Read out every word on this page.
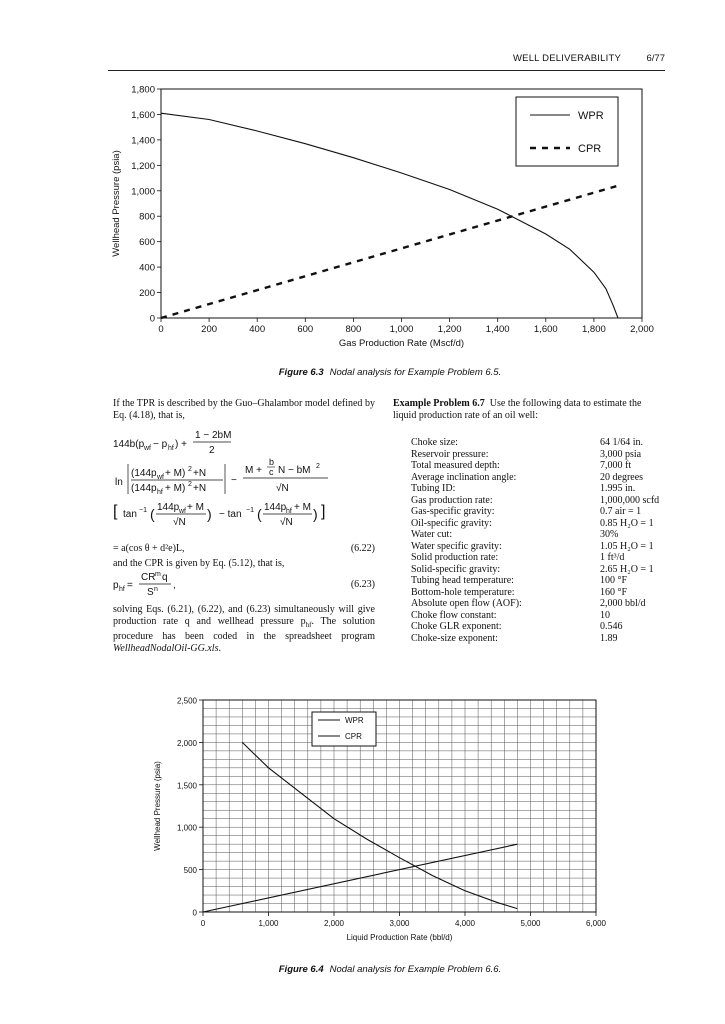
WELL DELIVERABILITY	6/77
0	200	400	600	800	1,000	1,200	1,400	1,600	1,800	2,000
0
200
400
600
800
1,000
1,200
1,400
1,600
1,800
Gas Production Rate (Mscf/d)
Wellhead Pressure (psia)
WPR
CPR
Figure 6.3 Nodal analysis for Example Problem 6.5.

If the TPR is described by the Guo–Ghalambor model defined by Eq. (4.18), that is,

144b(p wf − p hf ) +
1 − 2bM
2
ln
(144p wf + M) 2 +N
(144p hf + M) 2 +N
−
b
c
M + N − bM 2
√N
[ tan −1 ( 144p wf + M
√N
) − tan −1 ( 144p hf + M
√N
) ]
= a(cos θ + d²e)L,	(6.22)

and the CPR is given by Eq. (5.12), that is,

p hf =
CR m q
S n ,	(6.23)

solving Eqs. (6.21), (6.22), and (6.23) simultaneously will give production rate q and wellhead pressure $p_{hf}$. The solution procedure has been coded in the spreadsheet program WellheadNodalOil-GG.xls.

Example Problem 6.7 Use the following data to estimate the liquid production rate of an oil well:

Choke size:	64 1/64 in.
Reservoir pressure:	3,000 psia
Total measured depth:	7,000 ft
Average inclination angle:	20 degrees
Tubing ID:	1.995 in.
Gas production rate:	1,000,000 scfd
Gas-specific gravity:	0.7 air = 1
Oil-specific gravity:	0.85 H₂O = 1
Water cut:	30%
Water specific gravity:	1.05 H₂O = 1
Solid production rate:	1 ft³/d
Solid-specific gravity:	2.65 H₂O = 1
Tubing head temperature:	100 °F
Bottom-hole temperature:	160 °F
Absolute open flow (AOF):	2,000 bbl/d
Choke flow constant:	10
Choke GLR exponent:	0.546
Choke-size exponent:	1.89
0	1,000	2,000	3,000	4,000	5,000	6,000
0
500
1,000
1,500
2,000
2,500
Liquid Production Rate (bbl/d)
Wellhead Pressure (psia)
WPR
CPR
Figure 6.4 Nodal analysis for Example Problem 6.6.
